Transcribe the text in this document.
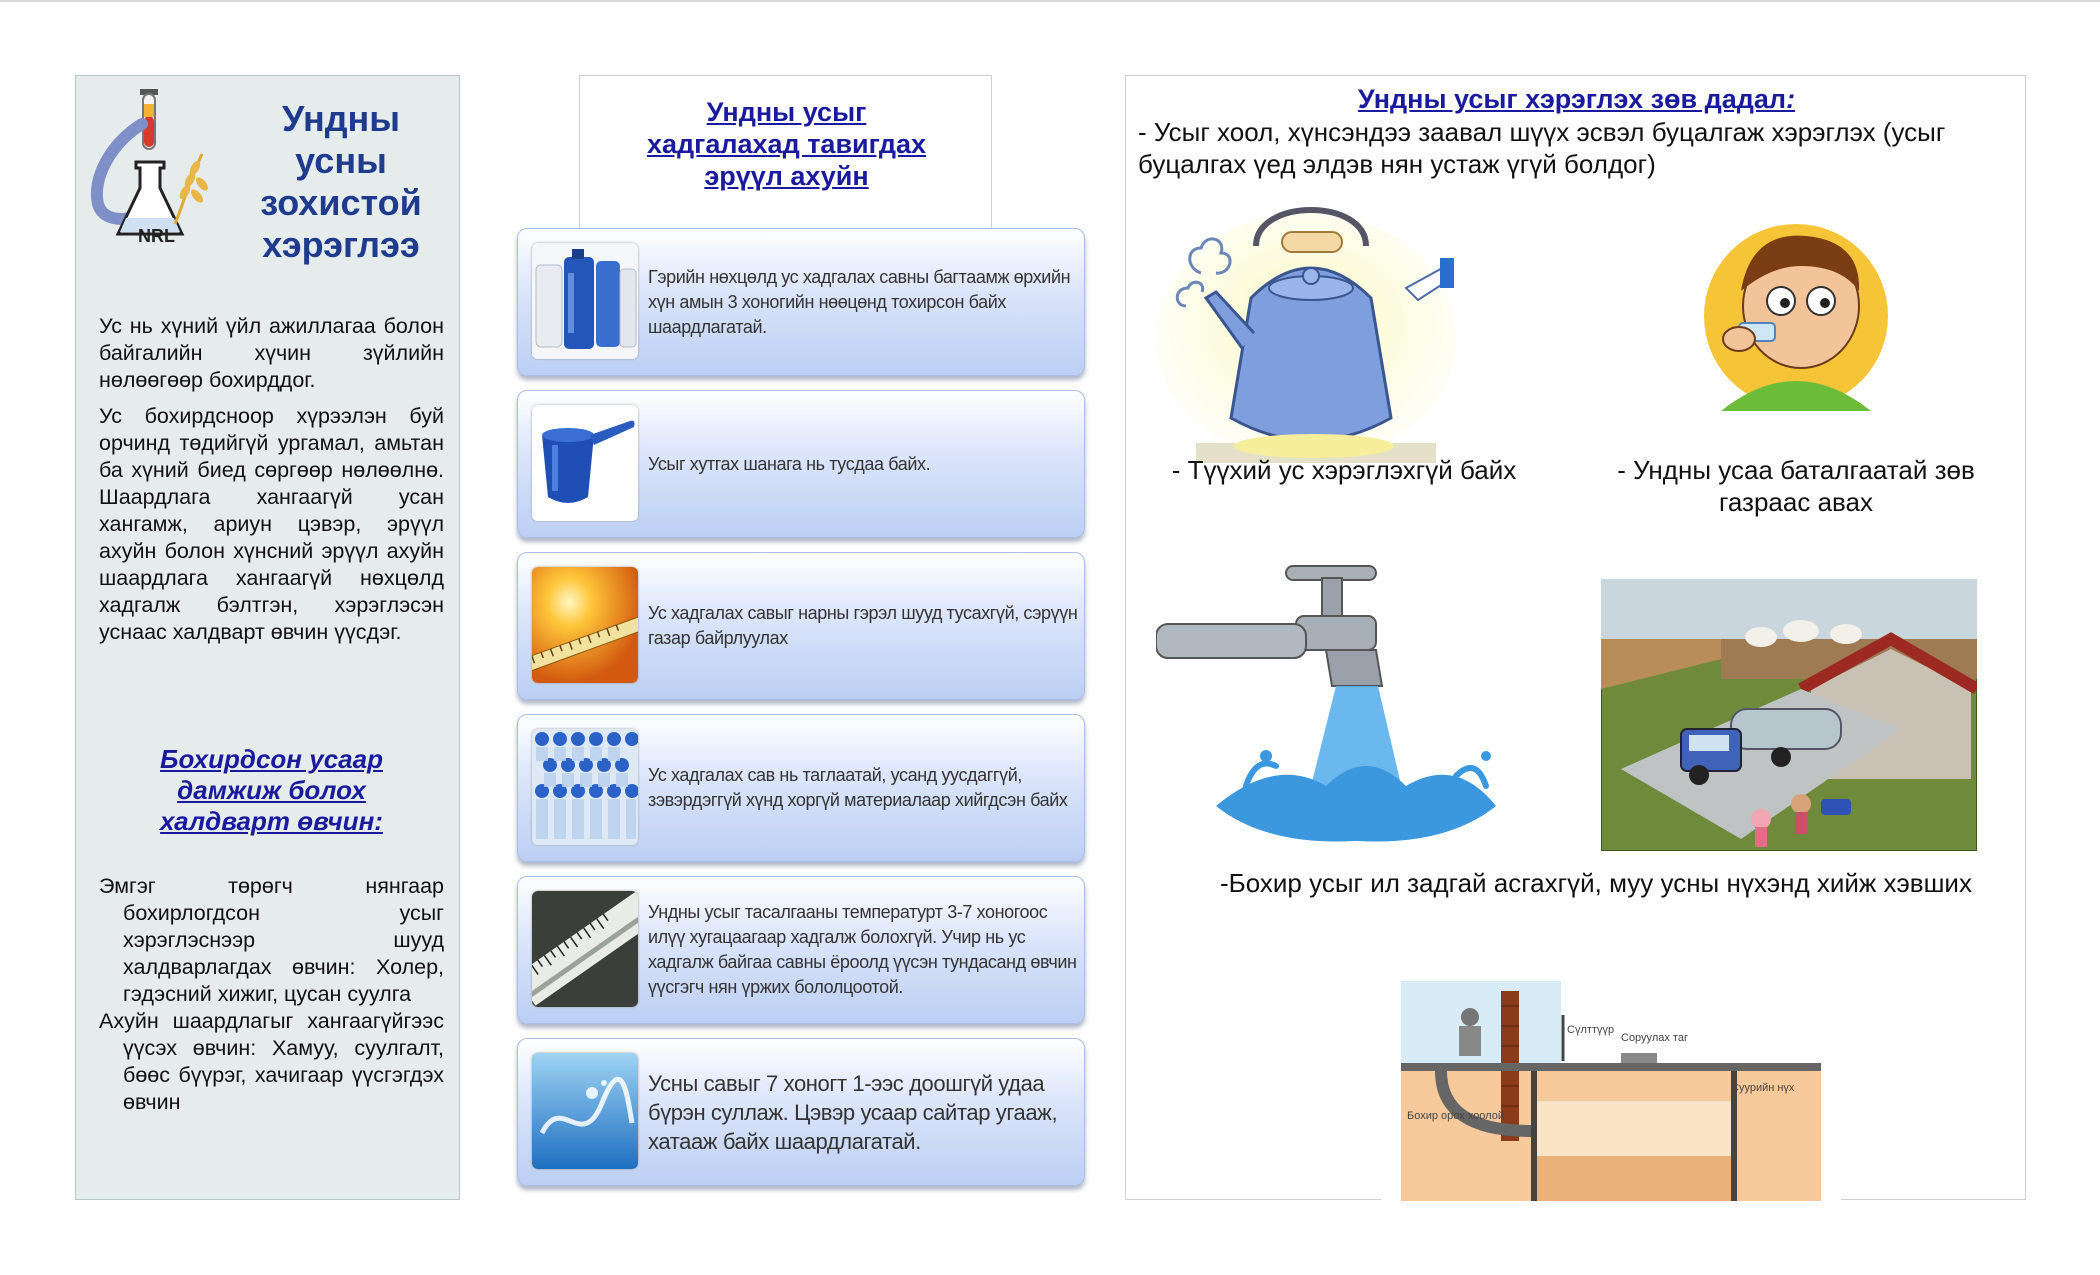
NRL
Ундны
усны
зохистой
хэрэглээ

Ус нь хүний үйл ажиллагаа болон байгалийн хүчин зүйлийн нөлөөгөөр бохирддог.

Ус бохирдсноор хүрээлэн буй орчинд төдийгүй ургамал, амьтан ба хүний биед сөргөөр нөлөөлнө. Шаардлага хангаагүй усан хангамж, ариун цэвэр, эрүүл ахуйн болон хүнсний эрүүл ахуйн шаардлага хангаагүй нөхцөлд хадгалж бэлтгэн, хэрэглэсэн уснаас халдварт өвчин үүсдэг.

Бохирдсон усаар
дамжиж болох
халдварт өвчин:

Эмгэг төрөгч нянгаар бохирлогдсон усыг хэрэглэснээр шууд халдварлагдах өвчин: Холер, гэдэсний хижиг, цусан суулга

Ахуйн шаардлагыг хангаагүйгээс үүсэх өвчин: Хамуу, суулгалт, бөөс бүүрэг, хачигаар үүсгэгдэх өвчин

Ундны усыг
хадгалахад тавигдах
эрүүл ахуйн
Гэрийн нөхцөлд ус хадгалах савны багтаамж өрхийн хүн амын 3 хоногийн нөөцөнд тохирсон байх шаардлагатай.
Усыг хутгах шанага нь тусдаа байх.
Ус хадгалах савыг нарны гэрэл шууд тусахгүй, сэрүүн газар байрлуулах
Ус хадгалах сав нь таглаатай, усанд уусдаггүй, зэвэрдэггүй хүнд хоргүй материалаар хийгдсэн байх
Ундны усыг тасалгааны температурт 3-7 хоногоос илүү хугацаагаар хадгалж болохгүй. Учир нь ус хадгалж байгаа савны ёроолд үүсэн тундасанд өвчин үүсгэгч нян үржих бололцоотой.
Усны савыг 7 хоногт 1-ээс доошгүй удаа бүрэн суллаж. Цэвэр усаар сайтар угааж, хатааж байх шаардлагатай.
Ундны усыг хэрэглэх зөв дадал:
- Усыг хоол, хүнсэндээ заавал шүүх эсвэл буцалгаж хэрэглэх (усыг буцалгах үед элдэв нян устаж үгүй болдог)
- Түүхий ус хэрэглэхгүй байх	- Ундны усаа баталгаатай зөв газраас авах
-Бохир усыг ил задгай асгахгүй, муу усны нүхэнд хийж хэвших
Сүлттүүр
Соруулах таг
Суурийн нүх
Бохир орох хоолой
